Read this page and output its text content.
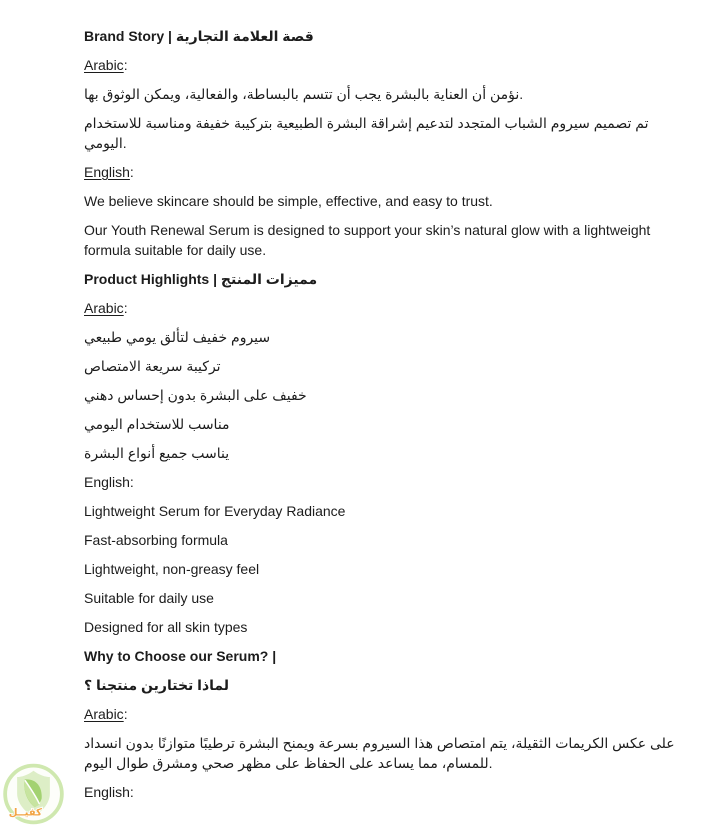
Brand Story | قصة العلامة التجارية

Arabic:

نؤمن أن العناية بالبشرة يجب أن تتسم بالبساطة، والفعالية، ويمكن الوثوق بها.

تم تصميم سيروم الشباب المتجدد لتدعيم إشراقة البشرة الطبيعية بتركيبة خفيفة ومناسبة للاستخدام اليومي.

English:

We believe skincare should be simple, effective, and easy to trust.

Our Youth Renewal Serum is designed to support your skin’s natural glow with a lightweight formula suitable for daily use.

Product Highlights | مميزات المنتج

Arabic:

سيروم خفيف لتألق يومي طبيعي

تركيبة سريعة الامتصاص

خفيف على البشرة بدون إحساس دهني

مناسب للاستخدام اليومي

يناسب جميع أنواع البشرة

English:

Lightweight Serum for Everyday Radiance

Fast-absorbing formula

Lightweight, non-greasy feel

Suitable for daily use

Designed for all skin types

Why to Choose our Serum? |

لماذا تختارين منتجنا ؟

Arabic:

على عكس الكريمات الثقيلة، يتم امتصاص هذا السيروم بسرعة ويمنح البشرة ترطيبًا متوازنًا بدون انسداد للمسام، مما يساعد على الحفاظ على مظهر صحي ومشرق طوال اليوم.

English:

كفيــل
